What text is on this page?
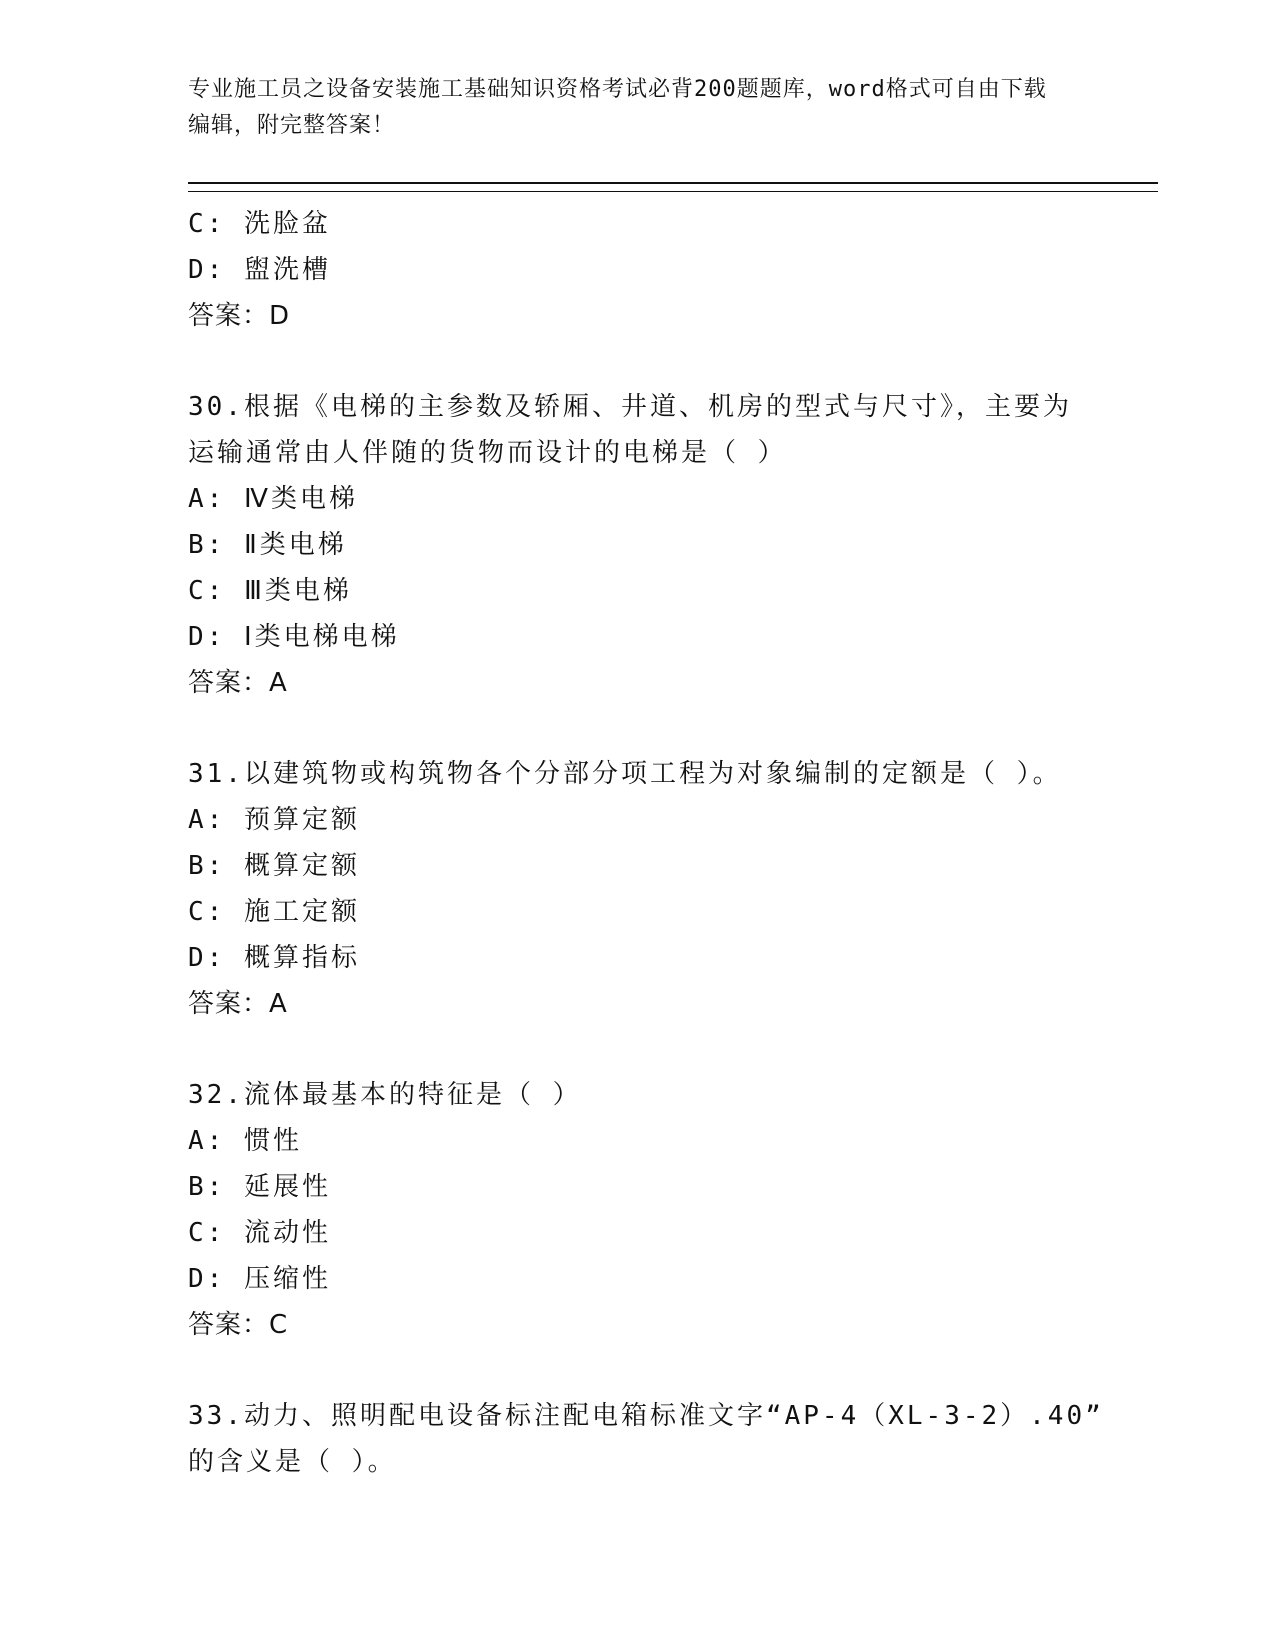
专业施工员之设备安装施工基础知识资格考试必背200题题库，word格式可自由下载编辑，附完整答案！

C: 洗脸盆

D: 盥洗槽

答案：D

30.根据《电梯的主参数及轿厢、井道、机房的型式与尺寸》，主要为

运输通常由人伴随的货物而设计的电梯是（ ）

A: Ⅳ类电梯

B: Ⅱ类电梯

C: Ⅲ类电梯

D: Ⅰ类电梯电梯

答案：A

31.以建筑物或构筑物各个分部分项工程为对象编制的定额是（ ）。

A: 预算定额

B: 概算定额

C: 施工定额

D: 概算指标

答案：A

32.流体最基本的特征是（ ）

A: 惯性

B: 延展性

C: 流动性

D: 压缩性

答案：C

33.动力、照明配电设备标注配电箱标准文字“AP-4（XL-3-2）.40”

的含义是（ ）。
